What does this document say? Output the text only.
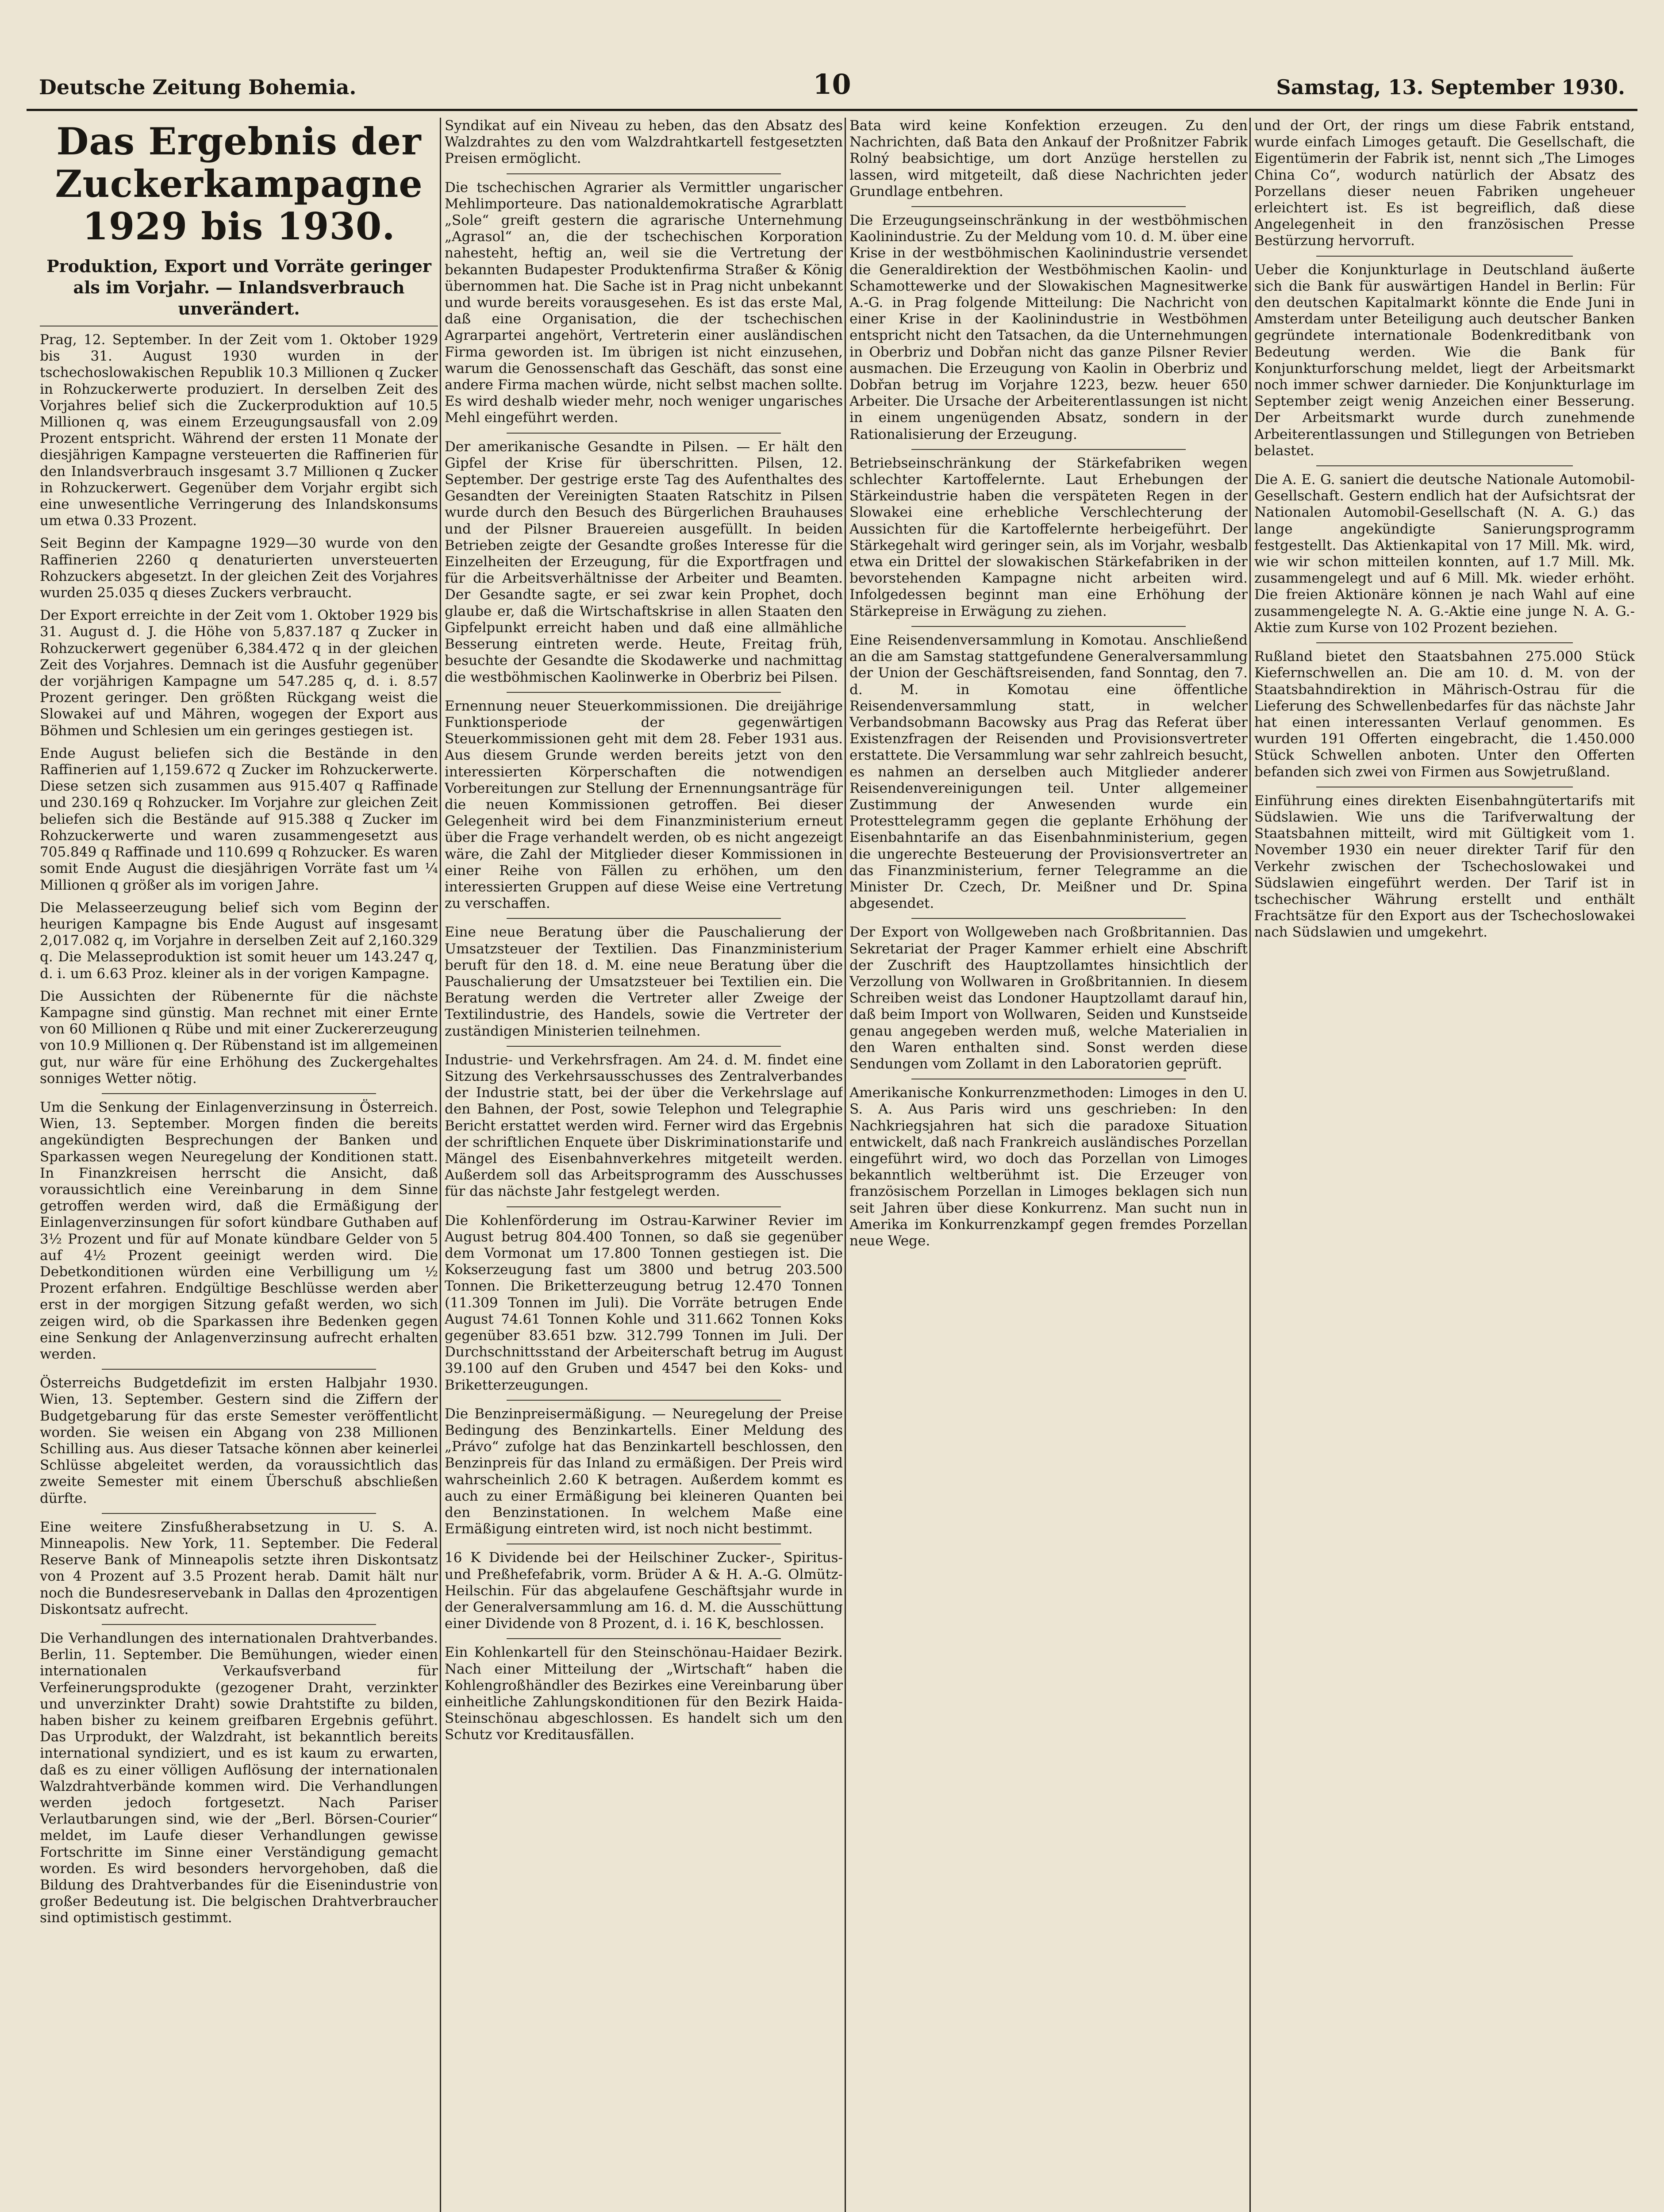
Deutsche Zeitung Bohemia.	10	Samstag, 13. September 1930.
Das Ergebnis der Zuckerkampagne 1929 bis 1930.
Produktion, Export und Vorräte geringer als im Vorjahr. — Inlandsverbrauch unverändert.

Prag, 12. September. In der Zeit vom 1. Oktober 1929 bis 31. August 1930 wurden in der tschechoslowakischen Republik 10.3 Millionen q Zucker in Rohzuckerwerte produziert. In derselben Zeit des Vorjahres belief sich die Zuckerproduktion auf 10.5 Millionen q, was einem Erzeugungsausfall von 2.09 Prozent entspricht. Während der ersten 11 Monate der diesjährigen Kampagne versteuerten die Raffinerien für den Inlandsverbrauch insgesamt 3.7 Millionen q Zucker in Rohzuckerwert. Gegenüber dem Vorjahr ergibt sich eine unwesentliche Verringerung des Inlandskonsums um etwa 0.33 Prozent.

Seit Beginn der Kampagne 1929—30 wurde von den Raffinerien 2260 q denaturierten unversteuerten Rohzuckers abgesetzt. In der gleichen Zeit des Vorjahres wurden 25.035 q dieses Zuckers verbraucht.

Der Export erreichte in der Zeit vom 1. Oktober 1929 bis 31. August d. J. die Höhe von 5,837.187 q Zucker in Rohzuckerwert gegenüber 6,384.472 q in der gleichen Zeit des Vorjahres. Demnach ist die Ausfuhr gegenüber der vorjährigen Kampagne um 547.285 q, d. i. 8.57 Prozent geringer. Den größten Rückgang weist die Slowakei auf und Mähren, wogegen der Export aus Böhmen und Schlesien um ein geringes gestiegen ist.

Ende August beliefen sich die Bestände in den Raffinerien auf 1,159.672 q Zucker im Rohzuckerwerte. Diese setzen sich zusammen aus 915.407 q Raffinade und 230.169 q Rohzucker. Im Vorjahre zur gleichen Zeit beliefen sich die Bestände auf 915.388 q Zucker im Rohzuckerwerte und waren zusammengesetzt aus 705.849 q Raffinade und 110.699 q Rohzucker. Es waren somit Ende August die diesjährigen Vorräte fast um ¼ Millionen q größer als im vorigen Jahre.

Die Melasseerzeugung belief sich vom Beginn der heurigen Kampagne bis Ende August auf insgesamt 2,017.082 q, im Vorjahre in derselben Zeit auf 2,160.329 q. Die Melasseproduktion ist somit heuer um 143.247 q, d. i. um 6.63 Proz. kleiner als in der vorigen Kampagne.

Die Aussichten der Rübenernte für die nächste Kampagne sind günstig. Man rechnet mit einer Ernte von 60 Millionen q Rübe und mit einer Zuckererzeugung von 10.9 Millionen q. Der Rübenstand ist im allgemeinen gut, nur wäre für eine Erhöhung des Zuckergehaltes sonniges Wetter nötig.

Um die Senkung der Einlagenverzinsung in Österreich. Wien, 13. September. Morgen finden die bereits angekündigten Besprechungen der Banken und Sparkassen wegen Neuregelung der Konditionen statt. In Finanzkreisen herrscht die Ansicht, daß voraussichtlich eine Vereinbarung in dem Sinne getroffen werden wird, daß die Ermäßigung der Einlagenverzinsungen für sofort kündbare Guthaben auf 3½ Prozent und für auf Monate kündbare Gelder von 5 auf 4½ Prozent geeinigt werden wird. Die Debetkonditionen würden eine Verbilligung um ½ Prozent erfahren. Endgültige Beschlüsse werden aber erst in der morgigen Sitzung gefaßt werden, wo sich zeigen wird, ob die Sparkassen ihre Bedenken gegen eine Senkung der Anlagenverzinsung aufrecht erhalten werden.

Österreichs Budgetdefizit im ersten Halbjahr 1930. Wien, 13. September. Gestern sind die Ziffern der Budgetgebarung für das erste Semester veröffentlicht worden. Sie weisen ein Abgang von 238 Millionen Schilling aus. Aus dieser Tatsache können aber keinerlei Schlüsse abgeleitet werden, da voraussichtlich das zweite Semester mit einem Überschuß abschließen dürfte.

Eine weitere Zinsfußherabsetzung in U. S. A. Minneapolis. New York, 11. September. Die Federal Reserve Bank of Minneapolis setzte ihren Diskontsatz von 4 Prozent auf 3.5 Prozent herab. Damit hält nur noch die Bundesreservebank in Dallas den 4prozentigen Diskontsatz aufrecht.

Die Verhandlungen des internationalen Drahtverbandes. Berlin, 11. September. Die Bemühungen, wieder einen internationalen Verkaufsverband für Verfeinerungsprodukte (gezogener Draht, verzinkter und unverzinkter Draht) sowie Drahtstifte zu bilden, haben bisher zu keinem greifbaren Ergebnis geführt. Das Urprodukt, der Walzdraht, ist bekanntlich bereits international syndiziert, und es ist kaum zu erwarten, daß es zu einer völligen Auflösung der internationalen Walzdrahtverbände kommen wird. Die Verhandlungen werden jedoch fortgesetzt. Nach Pariser Verlautbarungen sind, wie der „Berl. Börsen-Courier“ meldet, im Laufe dieser Verhandlungen gewisse Fortschritte im Sinne einer Verständigung gemacht worden. Es wird besonders hervorgehoben, daß die Bildung des Drahtverbandes für die Eisenindustrie von großer Bedeutung ist. Die belgischen Drahtverbraucher sind optimistisch gestimmt.

Syndikat auf ein Niveau zu heben, das den Absatz des Walzdrahtes zu den vom Walzdrahtkartell festgesetzten Preisen ermöglicht.

Die tschechischen Agrarier als Vermittler ungarischer Mehlimporteure. Das nationaldemokratische Agrarblatt „Sole“ greift gestern die agrarische Unternehmung „Agrasol“ an, die der tschechischen Korporation nahesteht, heftig an, weil sie die Vertretung der bekannten Budapester Produktenfirma Straßer & König übernommen hat. Die Sache ist in Prag nicht unbekannt und wurde bereits vorausgesehen. Es ist das erste Mal, daß eine Organisation, die der tschechischen Agrarpartei angehört, Vertreterin einer ausländischen Firma geworden ist. Im übrigen ist nicht einzusehen, warum die Genossenschaft das Geschäft, das sonst eine andere Firma machen würde, nicht selbst machen sollte. Es wird deshalb wieder mehr, noch weniger ungarisches Mehl eingeführt werden.

Der amerikanische Gesandte in Pilsen. — Er hält den Gipfel der Krise für überschritten. Pilsen, 12. September. Der gestrige erste Tag des Aufenthaltes des Gesandten der Vereinigten Staaten Ratschitz in Pilsen wurde durch den Besuch des Bürgerlichen Brauhauses und der Pilsner Brauereien ausgefüllt. In beiden Betrieben zeigte der Gesandte großes Interesse für die Einzelheiten der Erzeugung, für die Exportfragen und für die Arbeitsverhältnisse der Arbeiter und Beamten. Der Gesandte sagte, er sei zwar kein Prophet, doch glaube er, daß die Wirtschaftskrise in allen Staaten den Gipfelpunkt erreicht haben und daß eine allmähliche Besserung eintreten werde. Heute, Freitag früh, besuchte der Gesandte die Skodawerke und nachmittag die westböhmischen Kaolinwerke in Oberbriz bei Pilsen.

Ernennung neuer Steuerkommissionen. Die dreijährige Funktionsperiode der gegenwärtigen Steuerkommissionen geht mit dem 28. Feber 1931 aus. Aus diesem Grunde werden bereits jetzt von den interessierten Körperschaften die notwendigen Vorbereitungen zur Stellung der Ernennungsanträge für die neuen Kommissionen getroffen. Bei dieser Gelegenheit wird bei dem Finanzministerium erneut über die Frage verhandelt werden, ob es nicht angezeigt wäre, die Zahl der Mitglieder dieser Kommissionen in einer Reihe von Fällen zu erhöhen, um den interessierten Gruppen auf diese Weise eine Vertretung zu verschaffen.

Eine neue Beratung über die Pauschalierung der Umsatzsteuer der Textilien. Das Finanzministerium beruft für den 18. d. M. eine neue Beratung über die Pauschalierung der Umsatzsteuer bei Textilien ein. Die Beratung werden die Vertreter aller Zweige der Textilindustrie, des Handels, sowie die Vertreter der zuständigen Ministerien teilnehmen.

Industrie- und Verkehrsfragen. Am 24. d. M. findet eine Sitzung des Verkehrsausschusses des Zentralverbandes der Industrie statt, bei der über die Verkehrslage auf den Bahnen, der Post, sowie Telephon und Telegraphie Bericht erstattet werden wird. Ferner wird das Ergebnis der schriftlichen Enquete über Diskriminationstarife und Mängel des Eisenbahnverkehres mitgeteilt werden. Außerdem soll das Arbeitsprogramm des Ausschusses für das nächste Jahr festgelegt werden.

Die Kohlenförderung im Ostrau-Karwiner Revier im August betrug 804.400 Tonnen, so daß sie gegenüber dem Vormonat um 17.800 Tonnen gestiegen ist. Die Kokserzeugung fast um 3800 und betrug 203.500 Tonnen. Die Briketterzeugung betrug 12.470 Tonnen (11.309 Tonnen im Juli). Die Vorräte betrugen Ende August 74.61 Tonnen Kohle und 311.662 Tonnen Koks gegenüber 83.651 bzw. 312.799 Tonnen im Juli. Der Durchschnittsstand der Arbeiterschaft betrug im August 39.100 auf den Gruben und 4547 bei den Koks- und Briketterzeugungen.

Die Benzinpreisermäßigung. — Neuregelung der Preise Bedingung des Benzinkartells. Einer Meldung des „Právo“ zufolge hat das Benzinkartell beschlossen, den Benzinpreis für das Inland zu ermäßigen. Der Preis wird wahrscheinlich 2.60 K betragen. Außerdem kommt es auch zu einer Ermäßigung bei kleineren Quanten bei den Benzinstationen. In welchem Maße eine Ermäßigung eintreten wird, ist noch nicht bestimmt.

16 K Dividende bei der Heilschiner Zucker-, Spiritus- und Preßhefefabrik, vorm. Brüder A & H. A.-G. Olmütz-Heilschin. Für das abgelaufene Geschäftsjahr wurde in der Generalversammlung am 16. d. M. die Ausschüttung einer Dividende von 8 Prozent, d. i. 16 K, beschlossen.

Ein Kohlenkartell für den Steinschönau-Haidaer Bezirk. Nach einer Mitteilung der „Wirtschaft“ haben die Kohlengroßhändler des Bezirkes eine Vereinbarung über einheitliche Zahlungskonditionen für den Bezirk Haida-Steinschönau abgeschlossen. Es handelt sich um den Schutz vor Kreditausfällen.

Bata wird keine Konfektion erzeugen. Zu den Nachrichten, daß Bata den Ankauf der Proßnitzer Fabrik Rolný beabsichtige, um dort Anzüge herstellen zu lassen, wird mitgeteilt, daß diese Nachrichten jeder Grundlage entbehren.

Die Erzeugungseinschränkung in der westböhmischen Kaolinindustrie. Zu der Meldung vom 10. d. M. über eine Krise in der westböhmischen Kaolinindustrie versendet die Generaldirektion der Westböhmischen Kaolin- und Schamottewerke und der Slowakischen Magnesitwerke A.-G. in Prag folgende Mitteilung: Die Nachricht von einer Krise in der Kaolinindustrie in Westböhmen entspricht nicht den Tatsachen, da die Unternehmungen in Oberbriz und Dobřan nicht das ganze Pilsner Revier ausmachen. Die Erzeugung von Kaolin in Oberbriz und Dobřan betrug im Vorjahre 1223, bezw. heuer 650 Arbeiter. Die Ursache der Arbeiterentlassungen ist nicht in einem ungenügenden Absatz, sondern in der Rationalisierung der Erzeugung.

Betriebseinschränkung der Stärkefabriken wegen schlechter Kartoffelernte. Laut Erhebungen der Stärkeindustrie haben die verspäteten Regen in der Slowakei eine erhebliche Verschlechterung der Aussichten für die Kartoffelernte herbeigeführt. Der Stärkegehalt wird geringer sein, als im Vorjahr, wesbalb etwa ein Drittel der slowakischen Stärkefabriken in der bevorstehenden Kampagne nicht arbeiten wird. Infolgedessen beginnt man eine Erhöhung der Stärkepreise in Erwägung zu ziehen.

Eine Reisendenversammlung in Komotau. Anschließend an die am Samstag stattgefundene Generalversammlung der Union der Geschäftsreisenden, fand Sonntag, den 7. d. M. in Komotau eine öffentliche Reisendenversammlung statt, in welcher Verbandsobmann Bacowsky aus Prag das Referat über Existenzfragen der Reisenden und Provisionsvertreter erstattete. Die Versammlung war sehr zahlreich besucht, es nahmen an derselben auch Mitglieder anderer Reisendenvereinigungen teil. Unter allgemeiner Zustimmung der Anwesenden wurde ein Protesttelegramm gegen die geplante Erhöhung der Eisenbahntarife an das Eisenbahnministerium, gegen die ungerechte Besteuerung der Provisionsvertreter an das Finanzministerium, ferner Telegramme an die Minister Dr. Czech, Dr. Meißner und Dr. Spina abgesendet.

Der Export von Wollgeweben nach Großbritannien. Das Sekretariat der Prager Kammer erhielt eine Abschrift der Zuschrift des Hauptzollamtes hinsichtlich der Verzollung von Wollwaren in Großbritannien. In diesem Schreiben weist das Londoner Hauptzollamt darauf hin, daß beim Import von Wollwaren, Seiden und Kunstseide genau angegeben werden muß, welche Materialien in den Waren enthalten sind. Sonst werden diese Sendungen vom Zollamt in den Laboratorien geprüft.

Amerikanische Konkurrenzmethoden: Limoges in den U. S. A. Aus Paris wird uns geschrieben: In den Nachkriegsjahren hat sich die paradoxe Situation entwickelt, daß nach Frankreich ausländisches Porzellan eingeführt wird, wo doch das Porzellan von Limoges bekanntlich weltberühmt ist. Die Erzeuger von französischem Porzellan in Limoges beklagen sich nun seit Jahren über diese Konkurrenz. Man sucht nun in Amerika im Konkurrenzkampf gegen fremdes Porzellan neue Wege.

und der Ort, der rings um diese Fabrik entstand, wurde einfach Limoges getauft. Die Gesellschaft, die Eigentümerin der Fabrik ist, nennt sich „The Limoges China Co“, wodurch natürlich der Absatz des Porzellans dieser neuen Fabriken ungeheuer erleichtert ist. Es ist begreiflich, daß diese Angelegenheit in den französischen Presse Bestürzung hervorruft.

Ueber die Konjunkturlage in Deutschland äußerte sich die Bank für auswärtigen Handel in Berlin: Für den deutschen Kapitalmarkt könnte die Ende Juni in Amsterdam unter Beteiligung auch deutscher Banken gegründete internationale Bodenkreditbank von Bedeutung werden. Wie die Bank für Konjunkturforschung meldet, liegt der Arbeitsmarkt noch immer schwer darnieder. Die Konjunkturlage im September zeigt wenig Anzeichen einer Besserung. Der Arbeitsmarkt wurde durch zunehmende Arbeiterentlassungen und Stillegungen von Betrieben belastet.

Die A. E. G. saniert die deutsche Nationale Automobil-Gesellschaft. Gestern endlich hat der Aufsichtsrat der Nationalen Automobil-Gesellschaft (N. A. G.) das lange angekündigte Sanierungsprogramm festgestellt. Das Aktienkapital von 17 Mill. Mk. wird, wie wir schon mitteilen konnten, auf 1.7 Mill. Mk. zusammengelegt und auf 6 Mill. Mk. wieder erhöht. Die freien Aktionäre können je nach Wahl auf eine zusammengelegte N. A. G.-Aktie eine junge N. A. G.-Aktie zum Kurse von 102 Prozent beziehen.

Rußland bietet den Staatsbahnen 275.000 Stück Kiefernschwellen an. Die am 10. d. M. von der Staatsbahndirektion in Mährisch-Ostrau für die Lieferung des Schwellenbedarfes für das nächste Jahr hat einen interessanten Verlauf genommen. Es wurden 191 Offerten eingebracht, die 1.450.000 Stück Schwellen anboten. Unter den Offerten befanden sich zwei von Firmen aus Sowjetrußland.

Einführung eines direkten Eisenbahngütertarifs mit Südslawien. Wie uns die Tarifverwaltung der Staatsbahnen mitteilt, wird mit Gültigkeit vom 1. November 1930 ein neuer direkter Tarif für den Verkehr zwischen der Tschechoslowakei und Südslawien eingeführt werden. Der Tarif ist in tschechischer Währung erstellt und enthält Frachtsätze für den Export aus der Tschechoslowakei nach Südslawien und umgekehrt.
